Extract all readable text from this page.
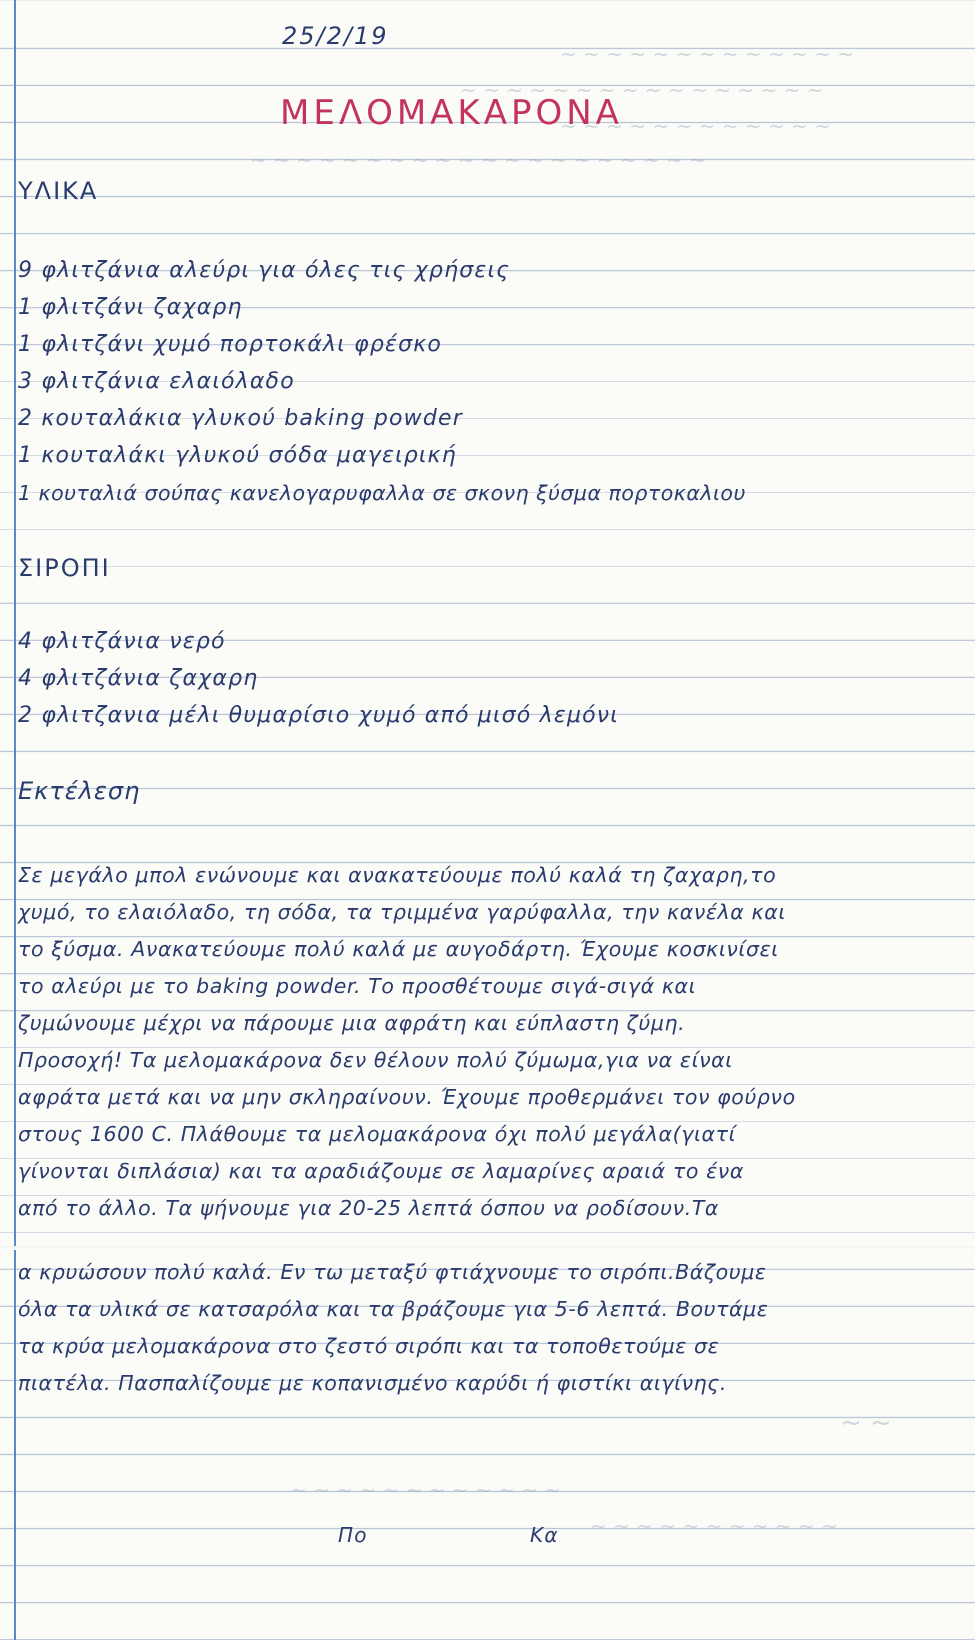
~ ~ ~ ~ ~ ~ ~ ~ ~ ~ ~ ~ ~
~ ~ ~ ~ ~ ~ ~ ~ ~ ~ ~ ~ ~ ~ ~ ~
~ ~ ~ ~ ~ ~ ~ ~ ~ ~ ~ ~
~ ~ ~ ~ ~ ~ ~ ~ ~ ~ ~ ~ ~ ~ ~ ~ ~ ~ ~ ~
25/2/19
ΜΕΛΟΜΑΚΑΡΟΝΑ
ΥΛΙΚΑ
9 φλιτζάνια αλεύρι για όλες τις χρήσεις
1 φλιτζάνι ζαχαρη
1 φλιτζάνι χυμό πορτοκάλι φρέσκο
3 φλιτζάνια ελαιόλαδο
2 κουταλάκια γλυκού baking powder
1 κουταλάκι γλυκού σόδα μαγειρική
1 κουταλιά σούπας κανελογαρυφαλλα σε σκονη ξύσμα πορτοκαλιου
ΣΙΡΟΠΙ
4 φλιτζάνια νερό
4 φλιτζάνια ζαχαρη
2 φλιτζανια μέλι θυμαρίσιο χυμό από μισό λεμόνι
Εκτέλεση
Σε μεγάλο μπολ ενώνουμε και ανακατεύουμε πολύ καλά τη ζαχαρη,το
χυμό, το ελαιόλαδο, τη σόδα, τα τριμμένα γαρύφαλλα, την κανέλα και
το ξύσμα. Ανακατεύουμε πολύ καλά με αυγοδάρτη. Έχουμε κοσκινίσει
το αλεύρι με το baking powder. Το προσθέτουμε σιγά-σιγά και
ζυμώνουμε μέχρι να πάρουμε μια αφράτη και εύπλαστη ζύμη.
Προσοχή! Τα μελομακάρονα δεν θέλουν πολύ ζύμωμα,για να είναι
αφράτα μετά και να μην σκληραίνουν. Έχουμε προθερμάνει τον φούρνο
στους 1600 C. Πλάθουμε τα μελομακάρονα όχι πολύ μεγάλα(γιατί
γίνονται διπλάσια) και τα αραδιάζουμε σε λαμαρίνες αραιά το ένα
από το άλλο. Τα ψήνουμε για 20-25 λεπτά όσπου να ροδίσουν.Τα
α κρυώσουν πολύ καλά. Εν τω μεταξύ φτιάχνουμε το σιρόπι.Βάζουμε
όλα τα υλικά σε κατσαρόλα και τα βράζουμε για 5-6 λεπτά. Βουτάμε
τα κρύα μελομακάρονα στο ζεστό σιρόπι και τα τοποθετούμε σε
πιατέλα. Πασπαλίζουμε με κοπανισμένο καρύδι ή φιστίκι αιγίνης.
~ ~
~ ~ ~ ~ ~ ~ ~ ~ ~ ~ ~ ~
~ ~ ~ ~ ~ ~ ~ ~ ~ ~ ~
Πο	Κα
